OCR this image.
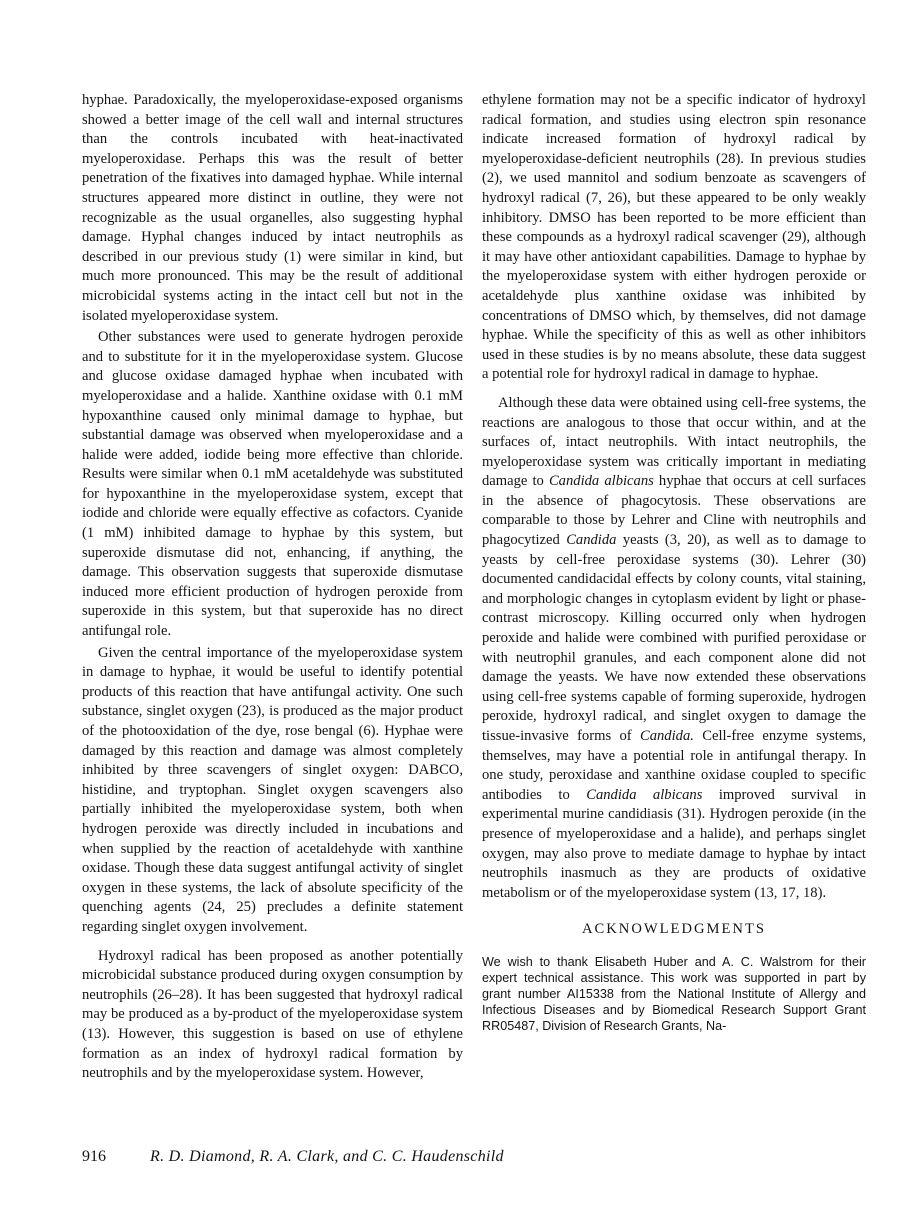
hyphae. Paradoxically, the myeloperoxidase-exposed organisms showed a better image of the cell wall and internal structures than the controls incubated with heat-inactivated myeloperoxidase. Perhaps this was the result of better penetration of the fixatives into damaged hyphae. While internal structures appeared more distinct in outline, they were not recognizable as the usual organelles, also suggesting hyphal damage. Hyphal changes induced by intact neutrophils as described in our previous study (1) were similar in kind, but much more pronounced. This may be the result of additional microbicidal systems acting in the intact cell but not in the isolated myeloperoxidase system.

Other substances were used to generate hydrogen peroxide and to substitute for it in the myeloperoxidase system. Glucose and glucose oxidase damaged hyphae when incubated with myeloperoxidase and a halide. Xanthine oxidase with 0.1 mM hypoxanthine caused only minimal damage to hyphae, but substantial damage was observed when myeloperoxidase and a halide were added, iodide being more effective than chloride. Results were similar when 0.1 mM acetaldehyde was substituted for hypoxanthine in the myeloperoxidase system, except that iodide and chloride were equally effective as cofactors. Cyanide (1 mM) inhibited damage to hyphae by this system, but superoxide dismutase did not, enhancing, if anything, the damage. This observation suggests that superoxide dismutase induced more efficient production of hydrogen peroxide from superoxide in this system, but that superoxide has no direct antifungal role.

Given the central importance of the myeloperoxidase system in damage to hyphae, it would be useful to identify potential products of this reaction that have antifungal activity. One such substance, singlet oxygen (23), is produced as the major product of the photooxidation of the dye, rose bengal (6). Hyphae were damaged by this reaction and damage was almost completely inhibited by three scavengers of singlet oxygen: DABCO, histidine, and tryptophan. Singlet oxygen scavengers also partially inhibited the myeloperoxidase system, both when hydrogen peroxide was directly included in incubations and when supplied by the reaction of acetaldehyde with xanthine oxidase. Though these data suggest antifungal activity of singlet oxygen in these systems, the lack of absolute specificity of the quenching agents (24, 25) precludes a definite statement regarding singlet oxygen involvement.

Hydroxyl radical has been proposed as another potentially microbicidal substance produced during oxygen consumption by neutrophils (26–28). It has been suggested that hydroxyl radical may be produced as a by-product of the myeloperoxidase system (13). However, this suggestion is based on use of ethylene formation as an index of hydroxyl radical formation by neutrophils and by the myeloperoxidase system. However,

ethylene formation may not be a specific indicator of hydroxyl radical formation, and studies using electron spin resonance indicate increased formation of hydroxyl radical by myeloperoxidase-deficient neutrophils (28). In previous studies (2), we used mannitol and sodium benzoate as scavengers of hydroxyl radical (7, 26), but these appeared to be only weakly inhibitory. DMSO has been reported to be more efficient than these compounds as a hydroxyl radical scavenger (29), although it may have other antioxidant capabilities. Damage to hyphae by the myeloperoxidase system with either hydrogen peroxide or acetaldehyde plus xanthine oxidase was inhibited by concentrations of DMSO which, by themselves, did not damage hyphae. While the specificity of this as well as other inhibitors used in these studies is by no means absolute, these data suggest a potential role for hydroxyl radical in damage to hyphae.

Although these data were obtained using cell-free systems, the reactions are analogous to those that occur within, and at the surfaces of, intact neutrophils. With intact neutrophils, the myeloperoxidase system was critically important in mediating damage to Candida albicans hyphae that occurs at cell surfaces in the absence of phagocytosis. These observations are comparable to those by Lehrer and Cline with neutrophils and phagocytized Candida yeasts (3, 20), as well as to damage to yeasts by cell-free peroxidase systems (30). Lehrer (30) documented candidacidal effects by colony counts, vital staining, and morphologic changes in cytoplasm evident by light or phase-contrast microscopy. Killing occurred only when hydrogen peroxide and halide were combined with purified peroxidase or with neutrophil granules, and each component alone did not damage the yeasts. We have now extended these observations using cell-free systems capable of forming superoxide, hydrogen peroxide, hydroxyl radical, and singlet oxygen to damage the tissue-invasive forms of Candida. Cell-free enzyme systems, themselves, may have a potential role in antifungal therapy. In one study, peroxidase and xanthine oxidase coupled to specific antibodies to Candida albicans improved survival in experimental murine candidiasis (31). Hydrogen peroxide (in the presence of myeloperoxidase and a halide), and perhaps singlet oxygen, may also prove to mediate damage to hyphae by intact neutrophils inasmuch as they are products of oxidative metabolism or of the myeloperoxidase system (13, 17, 18).

ACKNOWLEDGMENTS

We wish to thank Elisabeth Huber and A. C. Walstrom for their expert technical assistance. This work was supported in part by grant number AI15338 from the National Institute of Allergy and Infectious Diseases and by Biomedical Research Support Grant RR05487, Division of Research Grants, Na-

916	R. D. Diamond, R. A. Clark, and C. C. Haudenschild
